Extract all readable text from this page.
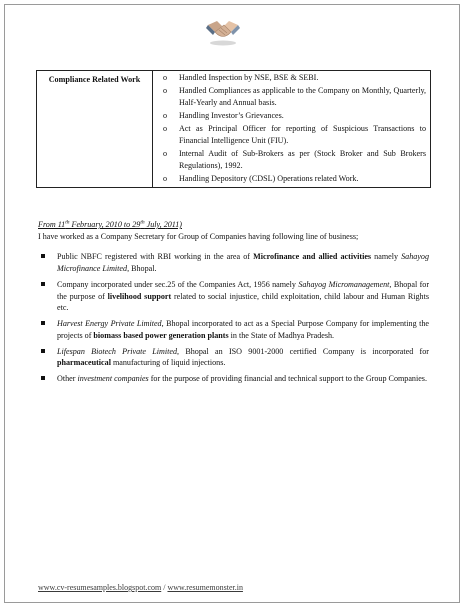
Compliance Related Work	o Handled Inspection by NSE, BSE & SEBI.
o Handled Compliances as applicable to the Company on Monthly, Quarterly, Half-Yearly and Annual basis.
o Handling Investor’s Grievances.
o Act as Principal Officer for reporting of Suspicious Transactions to Financial Intelligence Unit (FIU).
o Internal Audit of Sub-Brokers as per (Stock Broker and Sub Brokers Regulations), 1992.
o Handling Depository (CDSL) Operations related Work.

From 11th February, 2010 to 29th July, 2011)

I have worked as a Company Secretary for Group of Companies having following line of business;

Public NBFC registered with RBI working in the area of Microfinance and allied activities namely Sahayog Microfinance Limited, Bhopal.
Company incorporated under sec.25 of the Companies Act, 1956 namely Sahayog Micromanagement, Bhopal for the purpose of livelihood support related to social injustice, child exploitation, child labour and Human Rights etc.
Harvest Energy Private Limited, Bhopal incorporated to act as a Special Purpose Company for implementing the projects of biomass based power generation plants in the State of Madhya Pradesh.
Lifespan Biotech Private Limited, Bhopal an ISO 9001-2000 certified Company is incorporated for pharmaceutical manufacturing of liquid injections.
Other investment companies for the purpose of providing financial and technical support to the Group Companies.
www.cv-resumesamples.blogspot.com / www.resumemonster.in
